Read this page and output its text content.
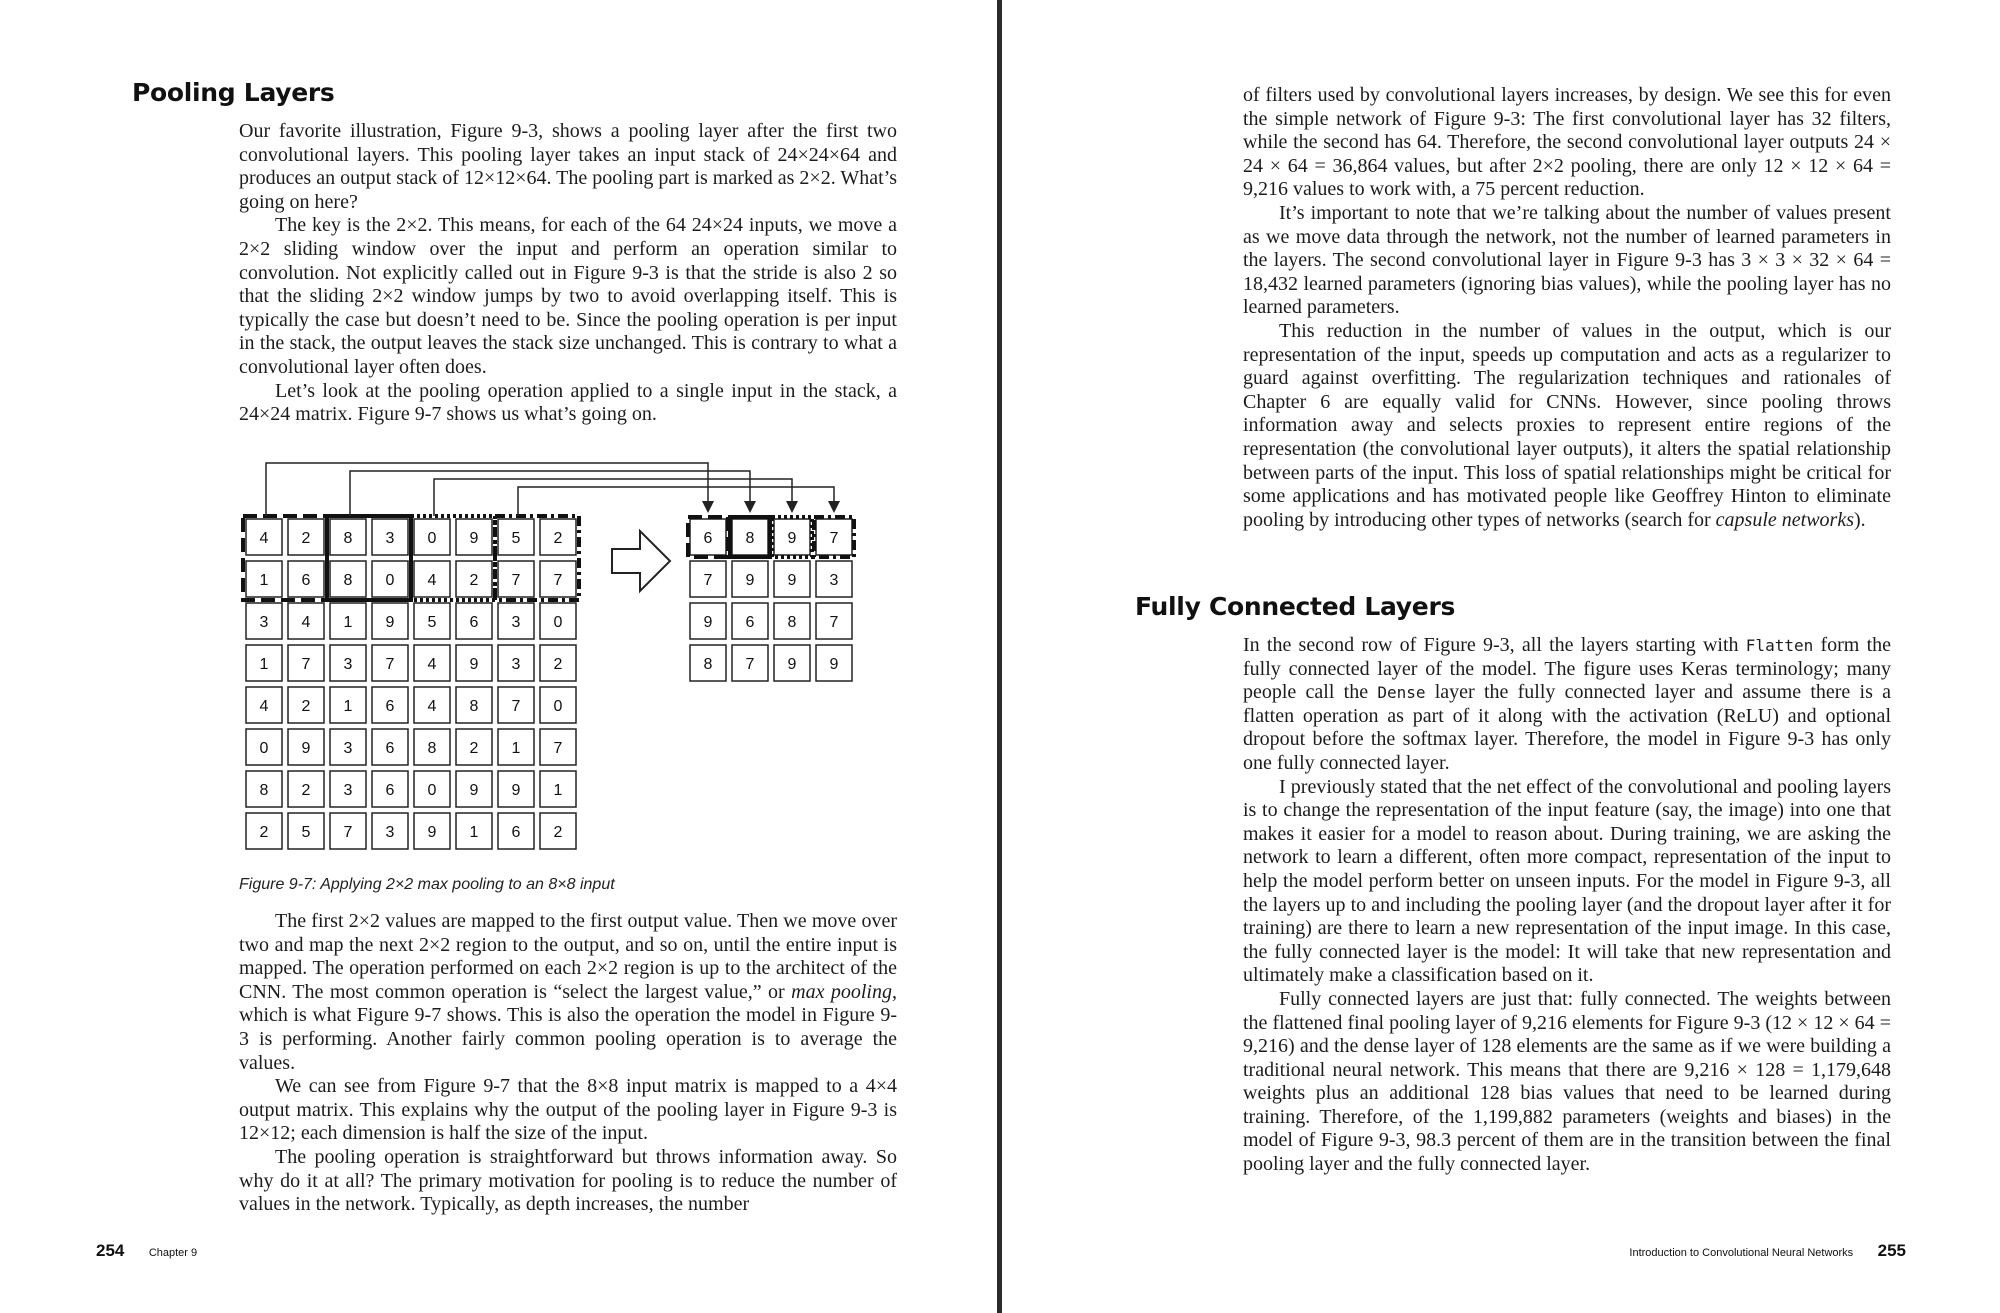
Pooling Layers

Our favorite illustration, Figure 9-3, shows a pooling layer after the first two convolutional layers. This pooling layer takes an input stack of 24×24×64 and produces an output stack of 12×12×64. The pooling part is marked as 2×2. What’s going on here?

The key is the 2×2. This means, for each of the 64 24×24 inputs, we move a 2×2 sliding window over the input and perform an operation similar to convolution. Not explicitly called out in Figure 9-3 is that the stride is also 2 so that the sliding 2×2 window jumps by two to avoid overlapping itself. This is typically the case but doesn’t need to be. Since the pooling operation is per input in the stack, the output leaves the stack size unchanged. This is contrary to what a convolutional layer often does.

Let’s look at the pooling operation applied to a single input in the stack, a 24×24 matrix. Figure 9-7 shows us what’s going on.

4 2 8 3 0 9 5 2
1 6 8 0 4 2 7 7
3 4 1 9 5 6 3 0
1 7 3 7 4 9 3 2
4 2 1 6 4 8 7 0
0 9 3 6 8 2 1 7
8 2 3 6 0 9 9 1
2 5 7 3 9 1 6 2
6 8 9 7
7 9 9 3
9 6 8 7
8 7 9 9
Figure 9-7: Applying 2×2 max pooling to an 8×8 input

The first 2×2 values are mapped to the first output value. Then we move over two and map the next 2×2 region to the output, and so on, until the entire input is mapped. The operation performed on each 2×2 region is up to the architect of the CNN. The most common operation is “select the largest value,” or max pooling, which is what Figure 9-7 shows. This is also the operation the model in Figure 9-3 is performing. Another fairly common pooling operation is to average the values.

We can see from Figure 9-7 that the 8×8 input matrix is mapped to a 4×4 output matrix. This explains why the output of the pooling layer in Figure 9-3 is 12×12; each dimension is half the size of the input.

The pooling operation is straightforward but throws information away. So why do it at all? The primary motivation for pooling is to reduce the number of values in the network. Typically, as depth increases, the number

254 Chapter 9

of filters used by convolutional layers increases, by design. We see this for even the simple network of Figure 9-3: The first convolutional layer has 32 filters, while the second has 64. Therefore, the second convolutional layer outputs 24 × 24 × 64 = 36,864 values, but after 2×2 pooling, there are only 12 × 12 × 64 = 9,216 values to work with, a 75 percent reduction.

It’s important to note that we’re talking about the number of values present as we move data through the network, not the number of learned parameters in the layers. The second convolutional layer in Figure 9-3 has 3 × 3 × 32 × 64 = 18,432 learned parameters (ignoring bias values), while the pooling layer has no learned parameters.

This reduction in the number of values in the output, which is our representation of the input, speeds up computation and acts as a regularizer to guard against overfitting. The regularization techniques and rationales of Chapter 6 are equally valid for CNNs. However, since pooling throws information away and selects proxies to represent entire regions of the representation (the convolutional layer outputs), it alters the spatial relationship between parts of the input. This loss of spatial relationships might be critical for some applications and has motivated people like Geoffrey Hinton to eliminate pooling by introducing other types of networks (search for capsule networks).

Fully Connected Layers

In the second row of Figure 9-3, all the layers starting with Flatten form the fully connected layer of the model. The figure uses Keras terminology; many people call the Dense layer the fully connected layer and assume there is a flatten operation as part of it along with the activation (ReLU) and optional dropout before the softmax layer. Therefore, the model in Figure 9-3 has only one fully connected layer.

I previously stated that the net effect of the convolutional and pooling layers is to change the representation of the input feature (say, the image) into one that makes it easier for a model to reason about. During training, we are asking the network to learn a different, often more compact, representation of the input to help the model perform better on unseen inputs. For the model in Figure 9-3, all the layers up to and including the pooling layer (and the dropout layer after it for training) are there to learn a new representation of the input image. In this case, the fully connected layer is the model: It will take that new representation and ultimately make a classification based on it.

Fully connected layers are just that: fully connected. The weights between the flattened final pooling layer of 9,216 elements for Figure 9-3 (12 × 12 × 64 = 9,216) and the dense layer of 128 elements are the same as if we were building a traditional neural network. This means that there are 9,216 × 128 = 1,179,648 weights plus an additional 128 bias values that need to be learned during training. Therefore, of the 1,199,882 parameters (weights and biases) in the model of Figure 9-3, 98.3 percent of them are in the transition between the final pooling layer and the fully connected layer.

Introduction to Convolutional Neural Networks 255
